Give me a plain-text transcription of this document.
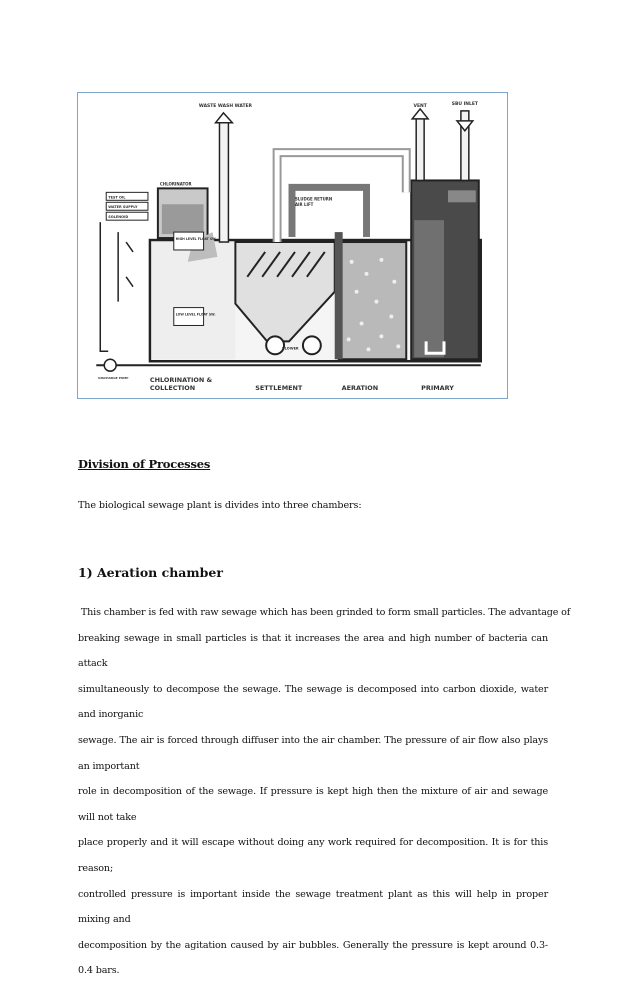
WASTE WASH WATER	VENT	SBU INLET
CHLORINATOR
TEST OIL
WATER SUPPLY
SOLENOID
SLUDGE RETURN
AIR LIFT
HIGH LEVEL FLOAT SW.
LOW LEVEL FLOAT SW.
BLOWER
DISCHARGE PUMP	CHLORINATION &
COLLECTION	SETTLEMENT	AERATION	PRIMARY
Division of Processes
The biological sewage plant is divides into three chambers:
1) Aeration chamber
This chamber is fed with raw sewage which has been grinded to form small particles. The advantage of
breaking sewage in small particles is that it increases the area and high number of bacteria can attack
simultaneously to decompose the sewage. The sewage is decomposed into carbon dioxide, water and inorganic
sewage. The air is forced through diffuser into the air chamber. The pressure of air flow also plays an important
role in decomposition of the sewage. If pressure is kept high then the mixture of air and sewage will not take
place properly and it will escape without doing any work required for decomposition. It is for this reason;
controlled pressure is important inside the sewage treatment plant as this will help in proper mixing and
decomposition by the agitation caused by air bubbles. Generally the pressure is kept around 0.3-0.4 bars.
